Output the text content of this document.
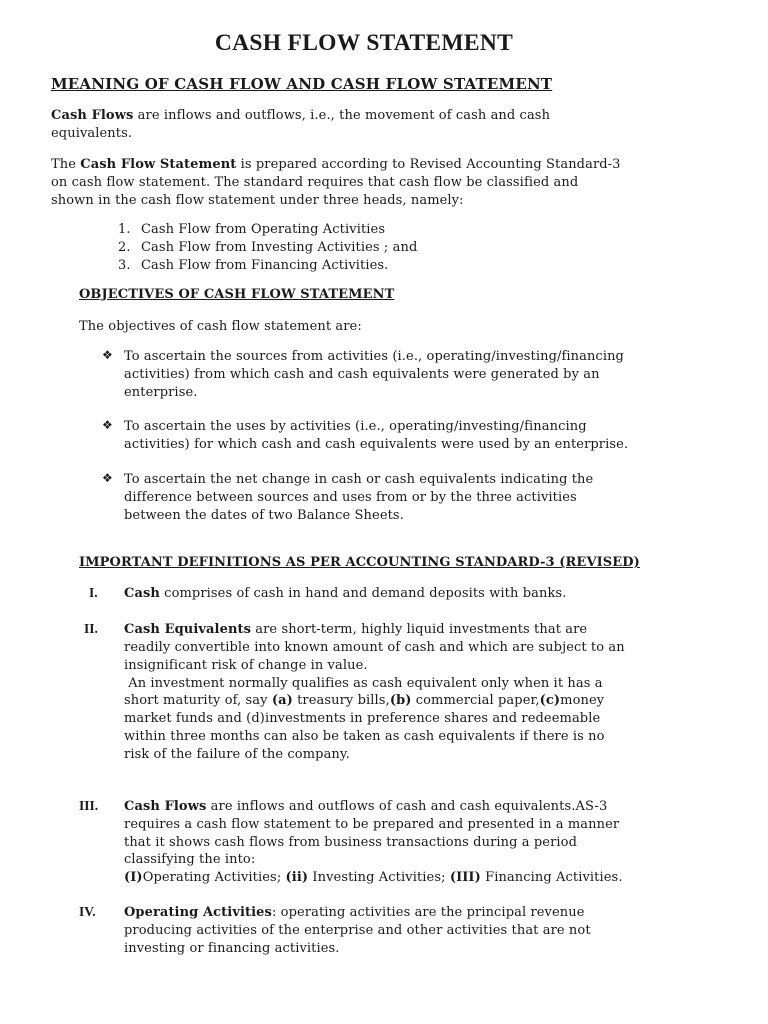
CASH FLOW STATEMENT
MEANING OF CASH FLOW AND CASH FLOW STATEMENT
Cash Flows are inflows and outflows, i.e., the movement of cash and cash
equivalents.
The Cash Flow Statement is prepared according to Revised Accounting Standard-3
on cash flow statement. The standard requires that cash flow be classified and
shown in the cash flow statement under three heads, namely:
1. Cash Flow from Operating Activities
2. Cash Flow from Investing Activities ; and
3. Cash Flow from Financing Activities.
OBJECTIVES OF CASH FLOW STATEMENT
The objectives of cash flow statement are:
❖ To ascertain the sources from activities (i.e., operating/investing/financing
activities) from which cash and cash equivalents were generated by an
enterprise.
❖ To ascertain the uses by activities (i.e., operating/investing/financing
activities) for which cash and cash equivalents were used by an enterprise.
❖ To ascertain the net change in cash or cash equivalents indicating the
difference between sources and uses from or by the three activities
between the dates of two Balance Sheets.
IMPORTANT DEFINITIONS AS PER ACCOUNTING STANDARD-3 (REVISED)
I. Cash comprises of cash in hand and demand deposits with banks.
II. Cash Equivalents are short-term, highly liquid investments that are
readily convertible into known amount of cash and which are subject to an
insignificant risk of change in value.
An investment normally qualifies as cash equivalent only when it has a
short maturity of, say (a) treasury bills,(b) commercial paper,(c)money
market funds and (d)investments in preference shares and redeemable
within three months can also be taken as cash equivalents if there is no
risk of the failure of the company.
III. Cash Flows are inflows and outflows of cash and cash equivalents.AS-3
requires a cash flow statement to be prepared and presented in a manner
that it shows cash flows from business transactions during a period
classifying the into:
(I)Operating Activities; (ii) Investing Activities; (III) Financing Activities.
IV. Operating Activities: operating activities are the principal revenue
producing activities of the enterprise and other activities that are not
investing or financing activities.
